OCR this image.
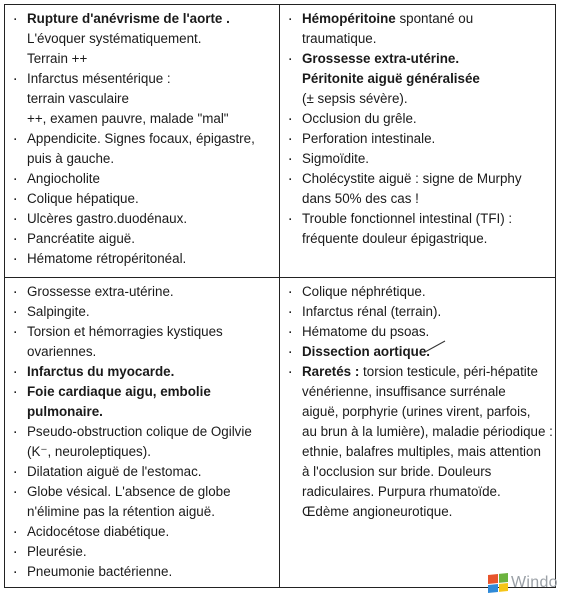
. Rupture d'anévrisme de l'aorte .
L'évoquer systématiquement.
Terrain ++
. Infarctus mésentérique :
terrain vasculaire
++, examen pauvre, malade "mal"
. Appendicite. Signes focaux, épigastre,
puis à gauche.
. Angiocholite
. Colique hépatique.
. Ulcères gastro.duodénaux.
. Pancréatite aiguë.
. Hématome rétropéritonéal.
. Hémopéritoine spontané ou
traumatique.
. Grossesse extra-utérine.
Péritonite aiguë généralisée
(± sepsis sévère).
. Occlusion du grêle.
. Perforation intestinale.
. Sigmoïdite.
. Cholécystite aiguë : signe de Murphy
dans 50% des cas !
. Trouble fonctionnel intestinal (TFI) :
fréquente douleur épigastrique.
. Grossesse extra-utérine.
. Salpingite.
. Torsion et hémorragies kystiques
ovariennes.
. Infarctus du myocarde.
. Foie cardiaque aigu, embolie
pulmonaire.
. Pseudo-obstruction colique de Ogilvie
(K⁻, neuroleptiques).
. Dilatation aiguë de l'estomac.
. Globe vésical. L'absence de globe
n'élimine pas la rétention aiguë.
. Acidocétose diabétique.
. Pleurésie.
. Pneumonie bactérienne.
. Colique néphrétique.
. Infarctus rénal (terrain).
. Hématome du psoas.
. Dissection aortique.
. Raretés : torsion testicule, péri-hépatite
vénérienne, insuffisance surrénale
aiguë, porphyrie (urines virent, parfois,
au brun à la lumière), maladie périodique :
ethnie, balafres multiples, mais attention
à l'occlusion sur bride. Douleurs
radiculaires. Purpura rhumatoïde.
Œdème angioneurotique.
Windo
